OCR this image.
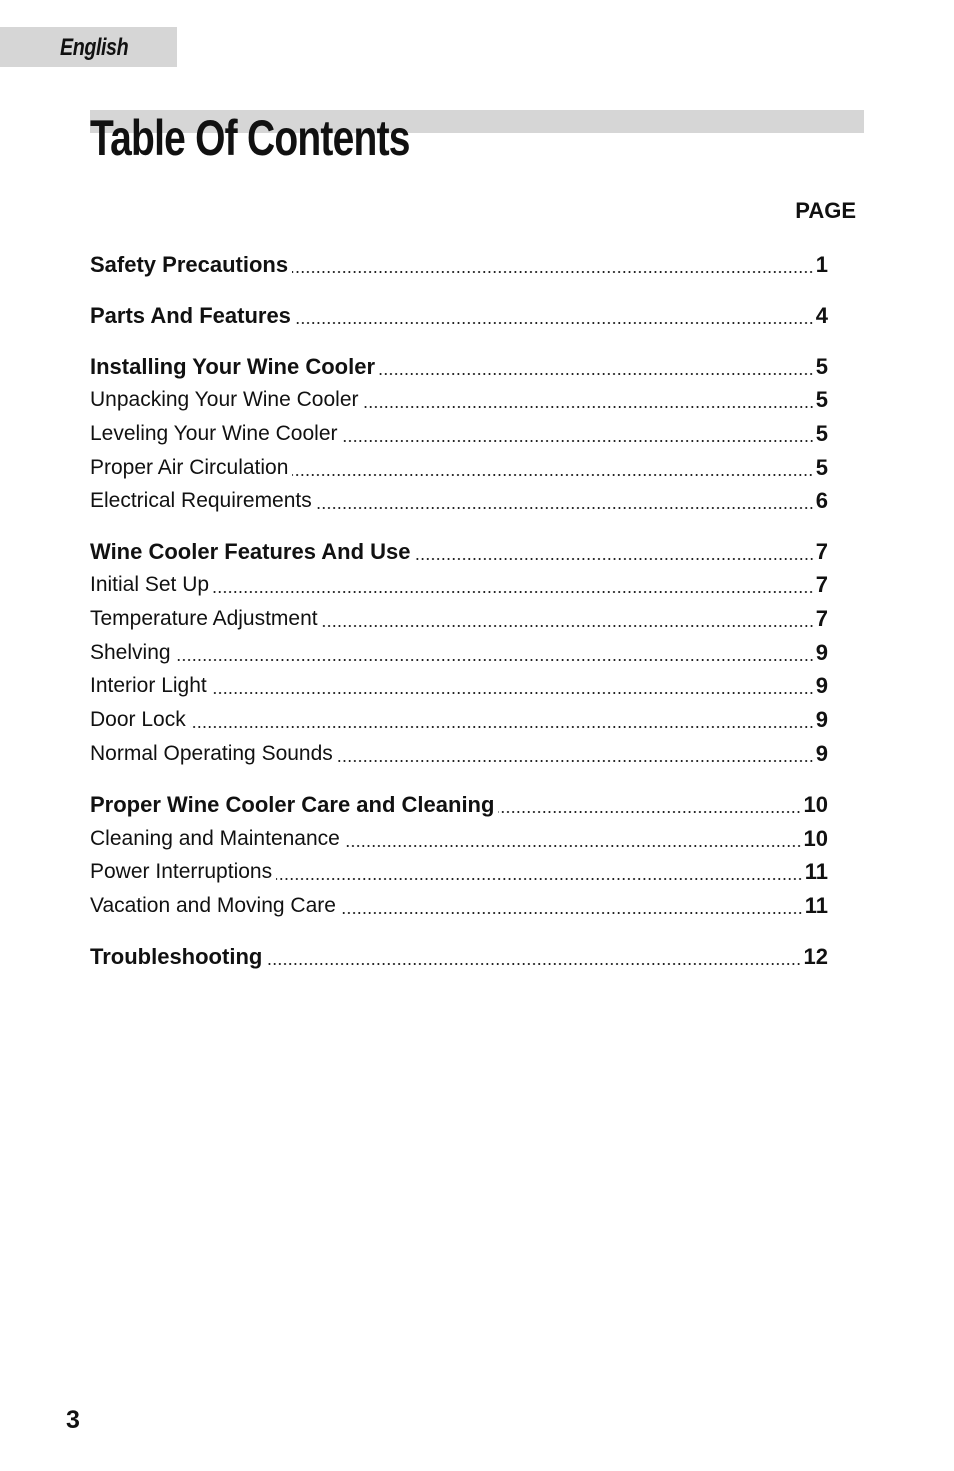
English
Table Of Contents
PAGE
Safety Precautions	1
Parts And Features	4
Installing Your Wine Cooler	5
Unpacking Your Wine Cooler	5
Leveling Your Wine Cooler	5
Proper Air Circulation	5
Electrical Requirements	6
Wine Cooler Features And Use	7
Initial Set Up	7
Temperature Adjustment	7
Shelving	9
Interior Light	9
Door Lock	9
Normal Operating Sounds	9
Proper Wine Cooler Care and Cleaning	10
Cleaning and Maintenance	10
Power Interruptions	11
Vacation and Moving Care	11
Troubleshooting	12
3
